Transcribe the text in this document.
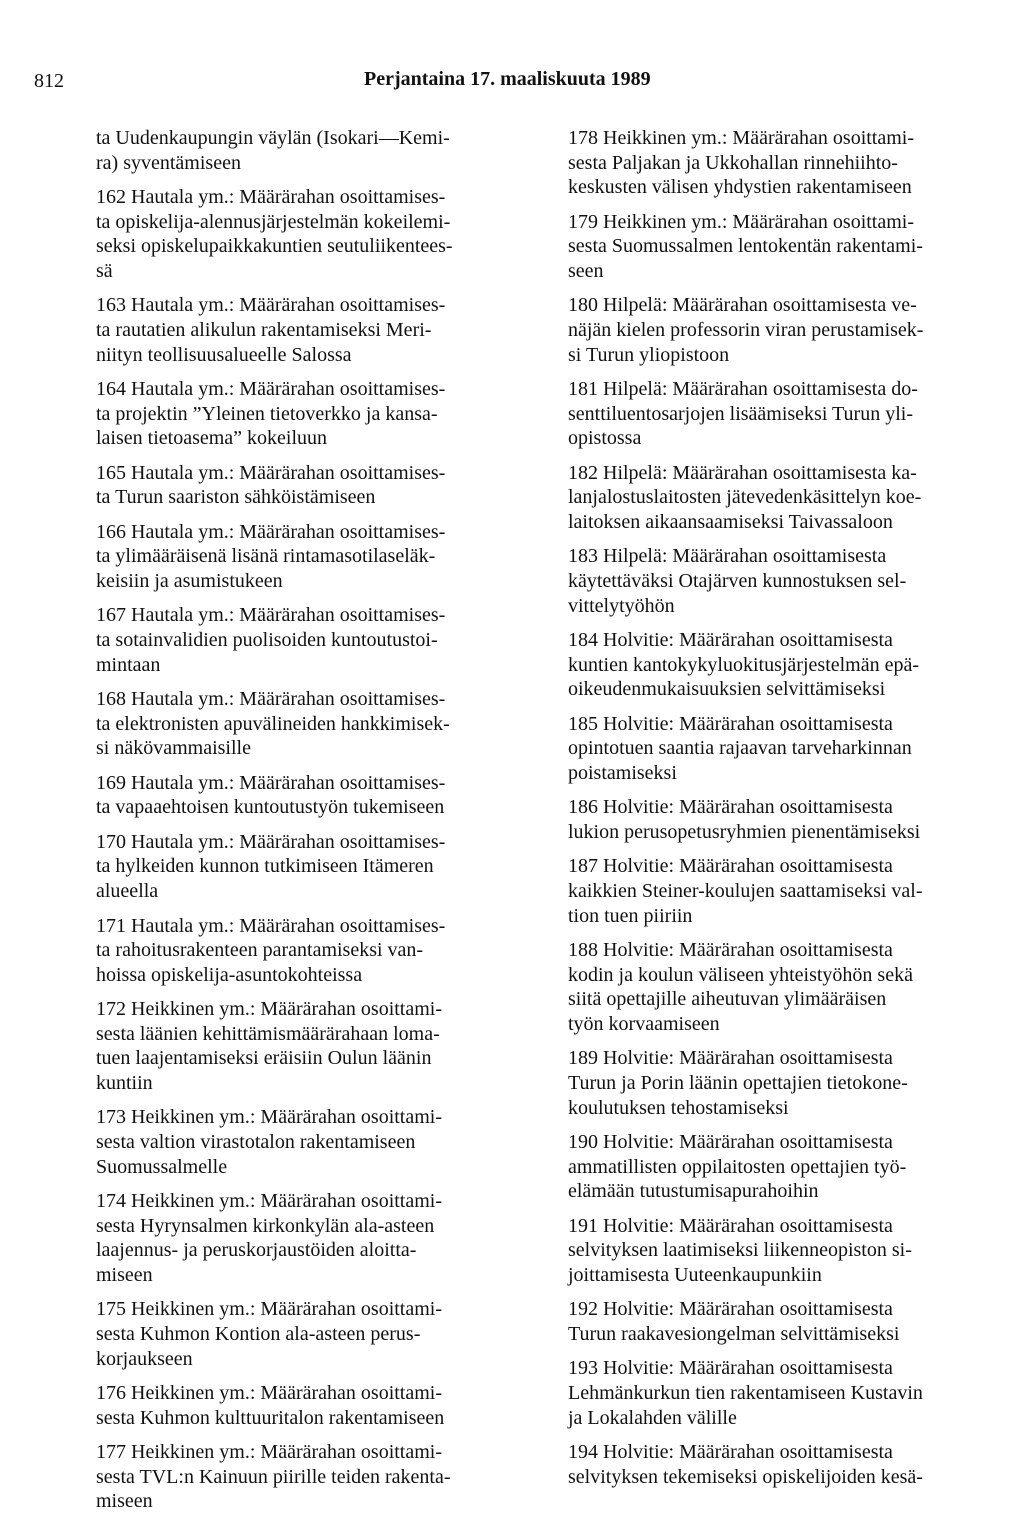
812	Perjantaina 17. maaliskuuta 1989

ta Uudenkaupungin väylän (Isokari—Kemi-
ra) syventämiseen

162 Hautala ym.: Määrärahan osoittamises-
ta opiskelija-alennusjärjestelmän kokeilemi-
seksi opiskelupaikkakuntien seutuliikentees-
sä

163 Hautala ym.: Määrärahan osoittamises-
ta rautatien alikulun rakentamiseksi Meri-
niityn teollisuusalueelle Salossa

164 Hautala ym.: Määrärahan osoittamises-
ta projektin ”Yleinen tietoverkko ja kansa-
laisen tietoasema” kokeiluun

165 Hautala ym.: Määrärahan osoittamises-
ta Turun saariston sähköistämiseen

166 Hautala ym.: Määrärahan osoittamises-
ta ylimääräisenä lisänä rintamasotilaseläk-
keisiin ja asumistukeen

167 Hautala ym.: Määrärahan osoittamises-
ta sotainvalidien puolisoiden kuntoutustoi-
mintaan

168 Hautala ym.: Määrärahan osoittamises-
ta elektronisten apuvälineiden hankkimisek-
si näkövammaisille

169 Hautala ym.: Määrärahan osoittamises-
ta vapaaehtoisen kuntoutustyön tukemiseen

170 Hautala ym.: Määrärahan osoittamises-
ta hylkeiden kunnon tutkimiseen Itämeren
alueella

171 Hautala ym.: Määrärahan osoittamises-
ta rahoitusrakenteen parantamiseksi van-
hoissa opiskelija-asuntokohteissa

172 Heikkinen ym.: Määrärahan osoittami-
sesta läänien kehittämismäärärahaan loma-
tuen laajentamiseksi eräisiin Oulun läänin
kuntiin

173 Heikkinen ym.: Määrärahan osoittami-
sesta valtion virastotalon rakentamiseen
Suomussalmelle

174 Heikkinen ym.: Määrärahan osoittami-
sesta Hyrynsalmen kirkonkylän ala-asteen
laajennus- ja peruskorjaustöiden aloitta-
miseen

175 Heikkinen ym.: Määrärahan osoittami-
sesta Kuhmon Kontion ala-asteen perus-
korjaukseen

176 Heikkinen ym.: Määrärahan osoittami-
sesta Kuhmon kulttuuritalon rakentamiseen

177 Heikkinen ym.: Määrärahan osoittami-
sesta TVL:n Kainuun piirille teiden rakenta-
miseen

178 Heikkinen ym.: Määrärahan osoittami-
sesta Paljakan ja Ukkohallan rinnehiihto-
keskusten välisen yhdystien rakentamiseen

179 Heikkinen ym.: Määrärahan osoittami-
sesta Suomussalmen lentokentän rakentami-
seen

180 Hilpelä: Määrärahan osoittamisesta ve-
näjän kielen professorin viran perustamisek-
si Turun yliopistoon

181 Hilpelä: Määrärahan osoittamisesta do-
senttiluentosarjojen lisäämiseksi Turun yli-
opistossa

182 Hilpelä: Määrärahan osoittamisesta ka-
lanjalostuslaitosten jätevedenkäsittelyn koe-
laitoksen aikaansaamiseksi Taivassaloon

183 Hilpelä: Määrärahan osoittamisesta
käytettäväksi Otajärven kunnostuksen sel-
vittelytyöhön

184 Holvitie: Määrärahan osoittamisesta
kuntien kantokykyluokitusjärjestelmän epä-
oikeudenmukaisuuksien selvittämiseksi

185 Holvitie: Määrärahan osoittamisesta
opintotuen saantia rajaavan tarveharkinnan
poistamiseksi

186 Holvitie: Määrärahan osoittamisesta
lukion perusopetusryhmien pienentämiseksi

187 Holvitie: Määrärahan osoittamisesta
kaikkien Steiner-koulujen saattamiseksi val-
tion tuen piiriin

188 Holvitie: Määrärahan osoittamisesta
kodin ja koulun väliseen yhteistyöhön sekä
siitä opettajille aiheutuvan ylimääräisen
työn korvaamiseen

189 Holvitie: Määrärahan osoittamisesta
Turun ja Porin läänin opettajien tietokone-
koulutuksen tehostamiseksi

190 Holvitie: Määrärahan osoittamisesta
ammatillisten oppilaitosten opettajien työ-
elämään tutustumisapurahoihin

191 Holvitie: Määrärahan osoittamisesta
selvityksen laatimiseksi liikenneopiston si-
joittamisesta Uuteenkaupunkiin

192 Holvitie: Määrärahan osoittamisesta
Turun raakavesiongelman selvittämiseksi

193 Holvitie: Määrärahan osoittamisesta
Lehmänkurkun tien rakentamiseen Kustavin
ja Lokalahden välille

194 Holvitie: Määrärahan osoittamisesta
selvityksen tekemiseksi opiskelijoiden kesä-
